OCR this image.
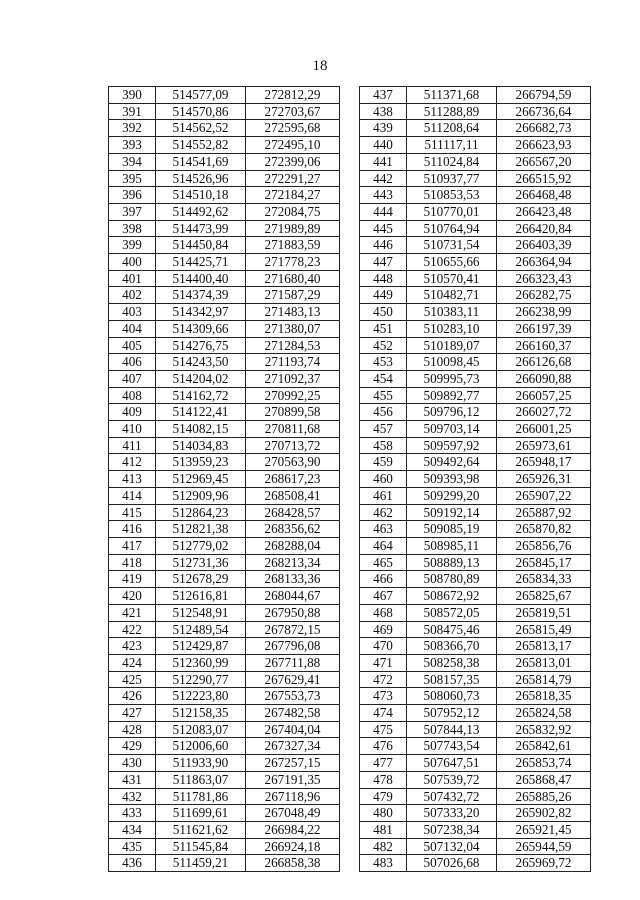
18
390	514577,09	272812,29
391	514570,86	272703,67
392	514562,52	272595,68
393	514552,82	272495,10
394	514541,69	272399,06
395	514526,96	272291,27
396	514510,18	272184,27
397	514492,62	272084,75
398	514473,99	271989,89
399	514450,84	271883,59
400	514425,71	271778,23
401	514400,40	271680,40
402	514374,39	271587,29
403	514342,97	271483,13
404	514309,66	271380,07
405	514276,75	271284,53
406	514243,50	271193,74
407	514204,02	271092,37
408	514162,72	270992,25
409	514122,41	270899,58
410	514082,15	270811,68
411	514034,83	270713,72
412	513959,23	270563,90
413	512969,45	268617,23
414	512909,96	268508,41
415	512864,23	268428,57
416	512821,38	268356,62
417	512779,02	268288,04
418	512731,36	268213,34
419	512678,29	268133,36
420	512616,81	268044,67
421	512548,91	267950,88
422	512489,54	267872,15
423	512429,87	267796,08
424	512360,99	267711,88
425	512290,77	267629,41
426	512223,80	267553,73
427	512158,35	267482,58
428	512083,07	267404,04
429	512006,60	267327,34
430	511933,90	267257,15
431	511863,07	267191,35
432	511781,86	267118,96
433	511699,61	267048,49
434	511621,62	266984,22
435	511545,84	266924,18
436	511459,21	266858,38
437	511371,68	266794,59
438	511288,89	266736,64
439	511208,64	266682,73
440	511117,11	266623,93
441	511024,84	266567,20
442	510937,77	266515,92
443	510853,53	266468,48
444	510770,01	266423,48
445	510764,94	266420,84
446	510731,54	266403,39
447	510655,66	266364,94
448	510570,41	266323,43
449	510482,71	266282,75
450	510383,11	266238,99
451	510283,10	266197,39
452	510189,07	266160,37
453	510098,45	266126,68
454	509995,73	266090,88
455	509892,77	266057,25
456	509796,12	266027,72
457	509703,14	266001,25
458	509597,92	265973,61
459	509492,64	265948,17
460	509393,98	265926,31
461	509299,20	265907,22
462	509192,14	265887,92
463	509085,19	265870,82
464	508985,11	265856,76
465	508889,13	265845,17
466	508780,89	265834,33
467	508672,92	265825,67
468	508572,05	265819,51
469	508475,46	265815,49
470	508366,70	265813,17
471	508258,38	265813,01
472	508157,35	265814,79
473	508060,73	265818,35
474	507952,12	265824,58
475	507844,13	265832,92
476	507743,54	265842,61
477	507647,51	265853,74
478	507539,72	265868,47
479	507432,72	265885,26
480	507333,20	265902,82
481	507238,34	265921,45
482	507132,04	265944,59
483	507026,68	265969,72
